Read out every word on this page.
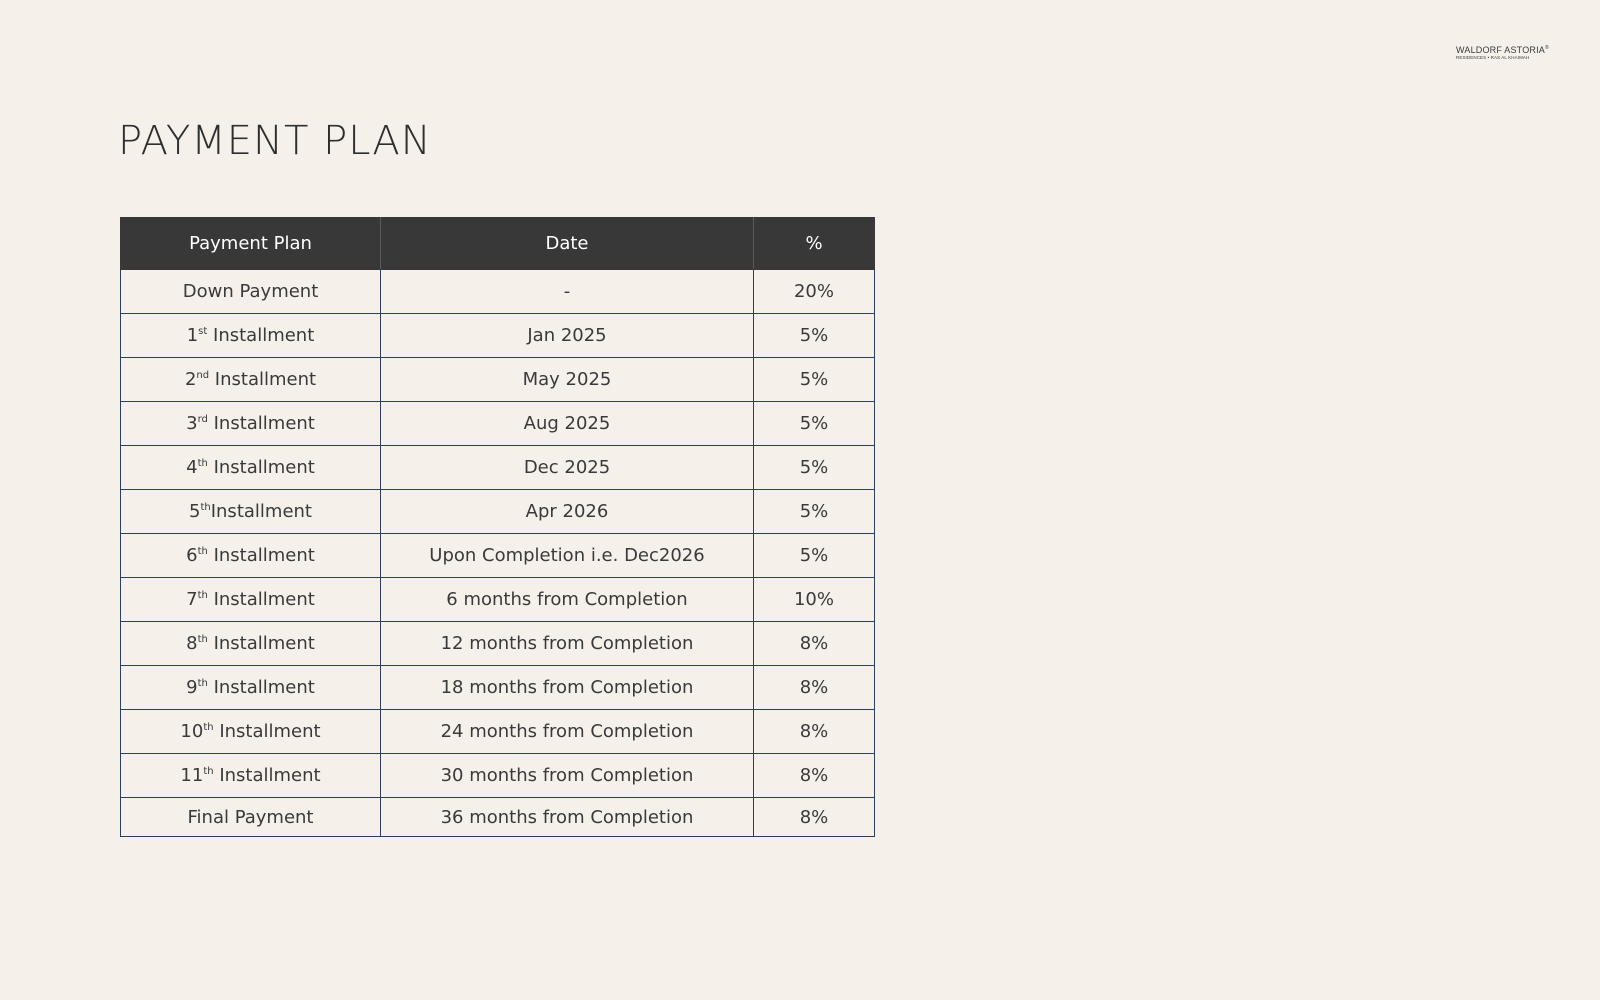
WALDORF ASTORIA®
RESIDENCES • RAS AL KHAIMAH
PAYMENT PLAN
Payment Plan	Date	%
Down Payment	-	20%
1st Installment	Jan 2025	5%
2nd Installment	May 2025	5%
3rd Installment	Aug 2025	5%
4th Installment	Dec 2025	5%
5thInstallment	Apr 2026	5%
6th Installment	Upon Completion i.e. Dec2026	5%
7th Installment	6 months from Completion	10%
8th Installment	12 months from Completion	8%
9th Installment	18 months from Completion	8%
10th Installment	24 months from Completion	8%
11th Installment	30 months from Completion	8%
Final Payment	36 months from Completion	8%
